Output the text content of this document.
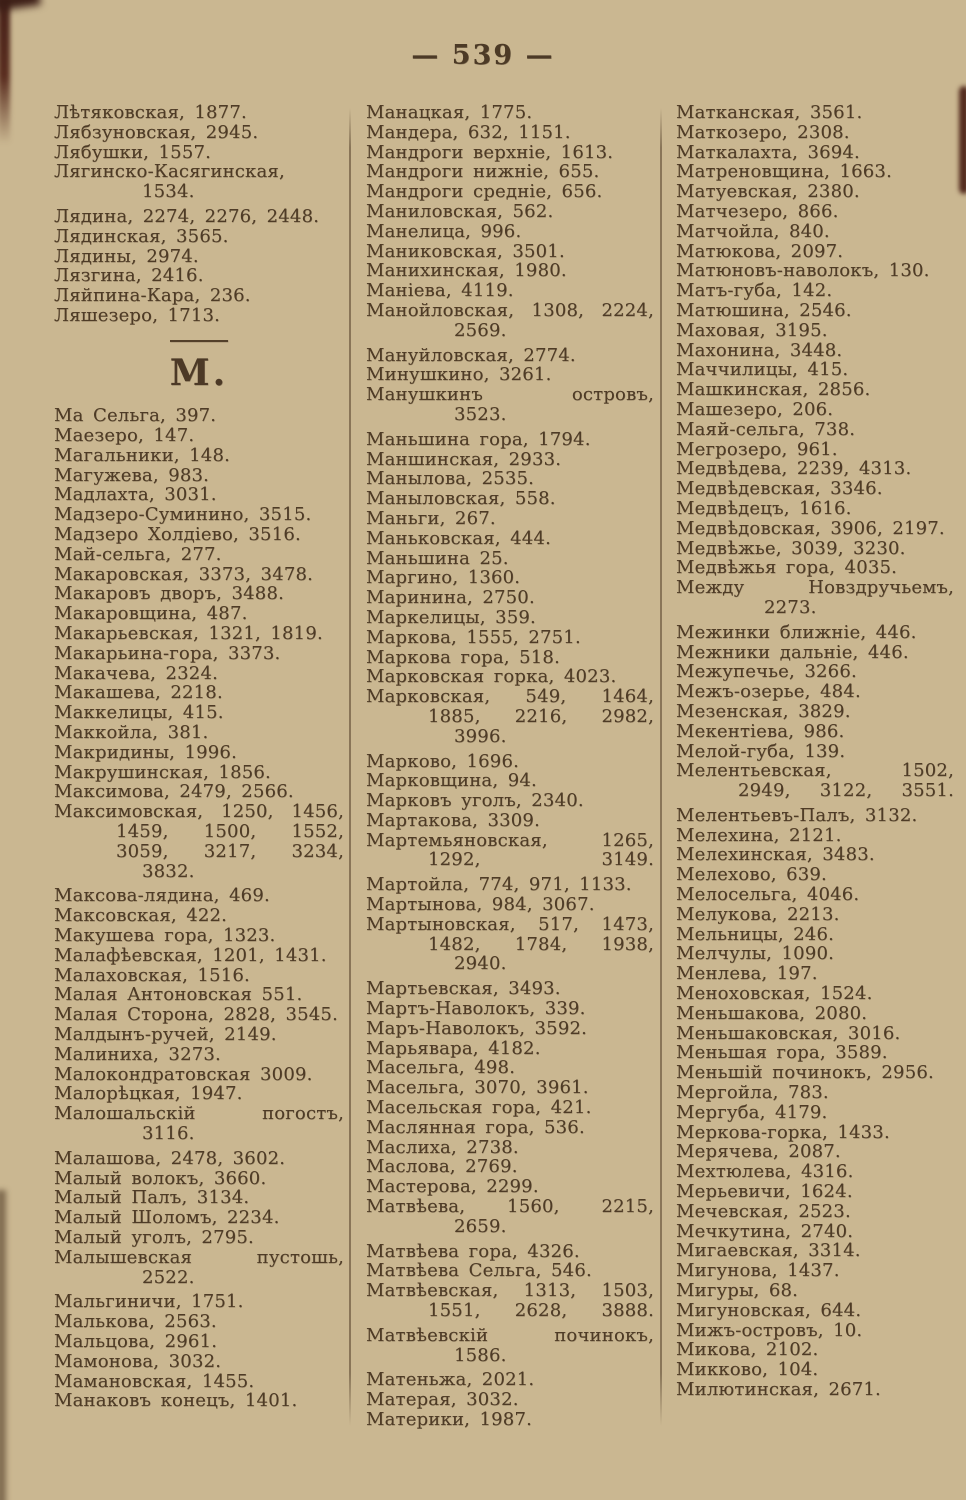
— 539 —
Лѣтяковская, 1877.
Лябзуновская, 2945.
Лябушки, 1557.
Лягинско-Касягинская,
1534.
Лядина, 2274, 2276, 2448.
Лядинская, 3565.
Лядины, 2974.
Лязгина, 2416.
Ляйпина-Кара, 236.
Ляшезеро, 1713.
М.
Ма Сельга, 397.
Маезеро, 147.
Магальники, 148.
Магужева, 983.
Мадлахта, 3031.
Мадзеро-Суминино, 3515.
Мадзеро Холдіево, 3516.
Май-сельга, 277.
Макаровская, 3373, 3478.
Макаровъ дворъ, 3488.
Макаровщина, 487.
Макарьевская, 1321, 1819.
Макарьина-гора, 3373.
Макачева, 2324.
Макашева, 2218.
Маккелицы, 415.
Маккойла, 381.
Макридины, 1996.
Макрушинская, 1856.
Максимова, 2479, 2566.
Максимовская, 1250, 1456,
1459, 1500, 1552,
3059, 3217, 3234,
3832.
Максова-лядина, 469.
Максовская, 422.
Макушева гора, 1323.
Малафѣевская, 1201, 1431.
Малаховская, 1516.
Малая Антоновская 551.
Малая Сторона, 2828, 3545.
Малдынъ-ручей, 2149.
Малиниха, 3273.
Малокондратовская 3009.
Малорѣцкая, 1947.
Малошальскій погостъ,
3116.
Малашова, 2478, 3602.
Малый волокъ, 3660.
Малый Палъ, 3134.
Малый Шоломъ, 2234.
Малый уголъ, 2795.
Малышевская пустошь,
2522.
Мальгиничи, 1751.
Малькова, 2563.
Мальцова, 2961.
Мамонова, 3032.
Мамановская, 1455.
Манаковъ конецъ, 1401.
Манацкая, 1775.
Мандера, 632, 1151.
Мандроги верхніе, 1613.
Мандроги нижніе, 655.
Мандроги средніе, 656.
Маниловская, 562.
Манелица, 996.
Маниковская, 3501.
Манихинская, 1980.
Маніева, 4119.
Манойловская, 1308, 2224,
2569.
Мануйловская, 2774.
Минушкино, 3261.
Манушкинъ островъ,
3523.
Маньшина гора, 1794.
Маншинская, 2933.
Манылова, 2535.
Маныловская, 558.
Маньги, 267.
Маньковская, 444.
Маньшина 25.
Маргино, 1360.
Маринина, 2750.
Маркелицы, 359.
Маркова, 1555, 2751.
Маркова гора, 518.
Марковская горка, 4023.
Марковская, 549, 1464,
1885, 2216, 2982,
3996.
Марково, 1696.
Марковщина, 94.
Марковъ уголъ, 2340.
Мартакова, 3309.
Мартемьяновская, 1265,
1292, 3149.
Мартойла, 774, 971, 1133.
Мартынова, 984, 3067.
Мартыновская, 517, 1473,
1482, 1784, 1938,
2940.
Мартьевская, 3493.
Мартъ-Наволокъ, 339.
Маръ-Наволокъ, 3592.
Марьявара, 4182.
Масельга, 498.
Масельга, 3070, 3961.
Масельская гора, 421.
Маслянная гора, 536.
Маслиха, 2738.
Маслова, 2769.
Мастерова, 2299.
Матвѣева, 1560, 2215,
2659.
Матвѣева гора, 4326.
Матвѣева Сельга, 546.
Матвѣевская, 1313, 1503,
1551, 2628, 3888.
Матвѣевскій починокъ,
1586.
Матеньжа, 2021.
Матерая, 3032.
Материки, 1987.
Матканская, 3561.
Маткозеро, 2308.
Маткалахта, 3694.
Матреновщина, 1663.
Матуевская, 2380.
Матчезеро, 866.
Матчойла, 840.
Матюкова, 2097.
Матюновъ-наволокъ, 130.
Матъ-губа, 142.
Матюшина, 2546.
Маховая, 3195.
Махонина, 3448.
Маччилицы, 415.
Машкинская, 2856.
Машезеро, 206.
Маяй-сельга, 738.
Мегрозеро, 961.
Медвѣдева, 2239, 4313.
Медвѣдевская, 3346.
Медвѣдецъ, 1616.
Медвѣдовская, 3906, 2197.
Медвѣжье, 3039, 3230.
Медвѣжья гора, 4035.
Между Новздручьемъ,
2273.
Межинки ближніе, 446.
Межники дальніе, 446.
Межупечье, 3266.
Межъ-озерье, 484.
Мезенская, 3829.
Мекентіева, 986.
Мелой-губа, 139.
Мелентьевская, 1502,
2949, 3122, 3551.
Мелентьевъ-Палъ, 3132.
Мелехина, 2121.
Мелехинская, 3483.
Мелехово, 639.
Мелосельга, 4046.
Мелукова, 2213.
Мельницы, 246.
Мелчулы, 1090.
Менлева, 197.
Меноховская, 1524.
Меньшакова, 2080.
Меньшаковская, 3016.
Меньшая гора, 3589.
Меньшій починокъ, 2956.
Мергойла, 783.
Мергуба, 4179.
Меркова-горка, 1433.
Мерячева, 2087.
Мехтюлева, 4316.
Мерьевичи, 1624.
Мечевская, 2523.
Мечкутина, 2740.
Мигаевская, 3314.
Мигунова, 1437.
Мигуры, 68.
Мигуновская, 644.
Мижъ-островъ, 10.
Микова, 2102.
Микково, 104.
Милютинская, 2671.
